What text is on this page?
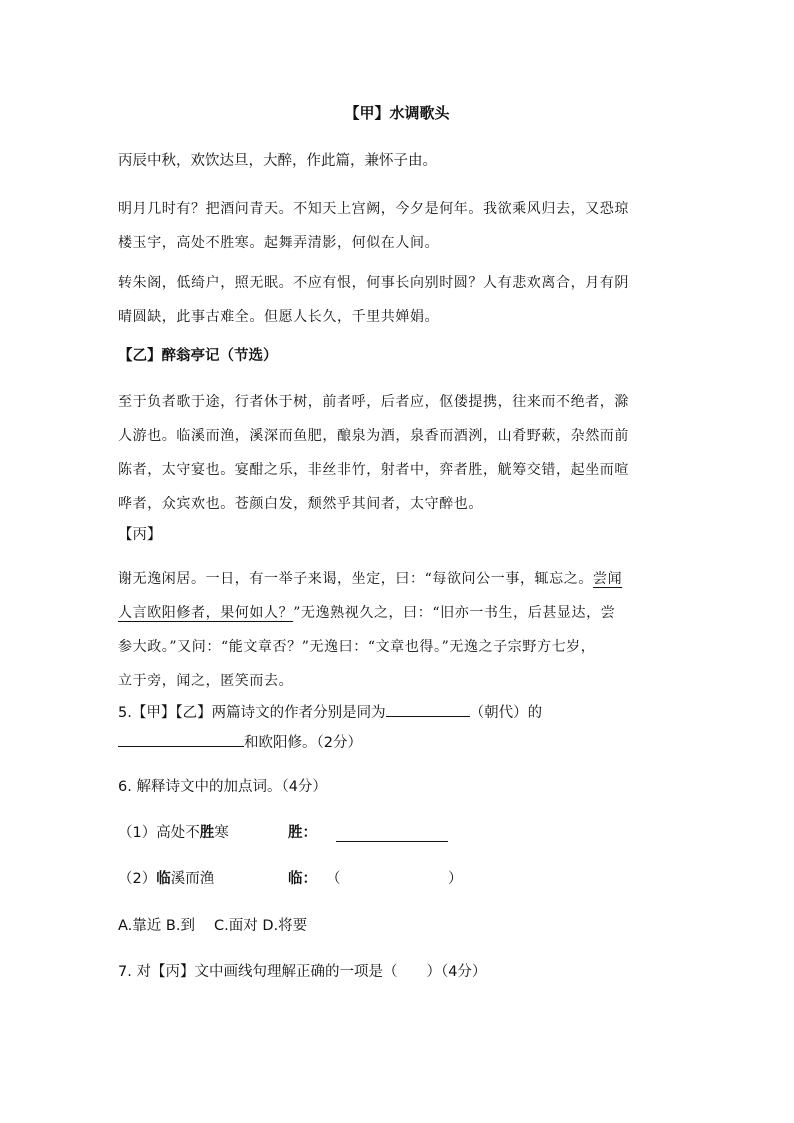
【甲】水调歌头
丙辰中秋，欢饮达旦，大醉，作此篇，兼怀子由。
明月几时有？把酒问青天。不知天上宫阙，今夕是何年。我欲乘风归去，又恐琼
楼玉宇，高处不胜寒。起舞弄清影，何似在人间。
转朱阁，低绮户，照无眠。不应有恨，何事长向别时圆？人有悲欢离合，月有阴
晴圆缺，此事古难全。但愿人长久，千里共婵娟。
【乙】醉翁亭记（节选）
至于负者歌于途，行者休于树，前者呼，后者应，伛偻提携，往来而不绝者，滁
人游也。临溪而渔，溪深而鱼肥，酿泉为酒，泉香而酒洌，山肴野蔌，杂然而前
陈者，太守宴也。宴酣之乐，非丝非竹，射者中，弈者胜，觥筹交错，起坐而喧
哗者，众宾欢也。苍颜白发，颓然乎其间者，太守醉也。
【丙】
谢无逸闲居。一日，有一举子来谒，坐定，曰：“每欲问公一事，辄忘之。尝闻
人言欧阳修者，果何如人？”无逸熟视久之，曰：“旧亦一书生，后甚显达，尝
参大政。”又问：“能文章否？”无逸曰：“文章也得。”无逸之子宗野方七岁，
立于旁，闻之，匿笑而去。
5.【甲】【乙】两篇诗文的作者分别是同为	（朝代）的
和欧阳修。（2分）
6. 解释诗文中的加点词。（4分）
（1）高处不胜寒	胜：
（2）临溪而渔	临： （	）
A.靠近 B.到　 C.面对 D.将要
7. 对【丙】文中画线句理解正确的一项是（　　）（4分）
